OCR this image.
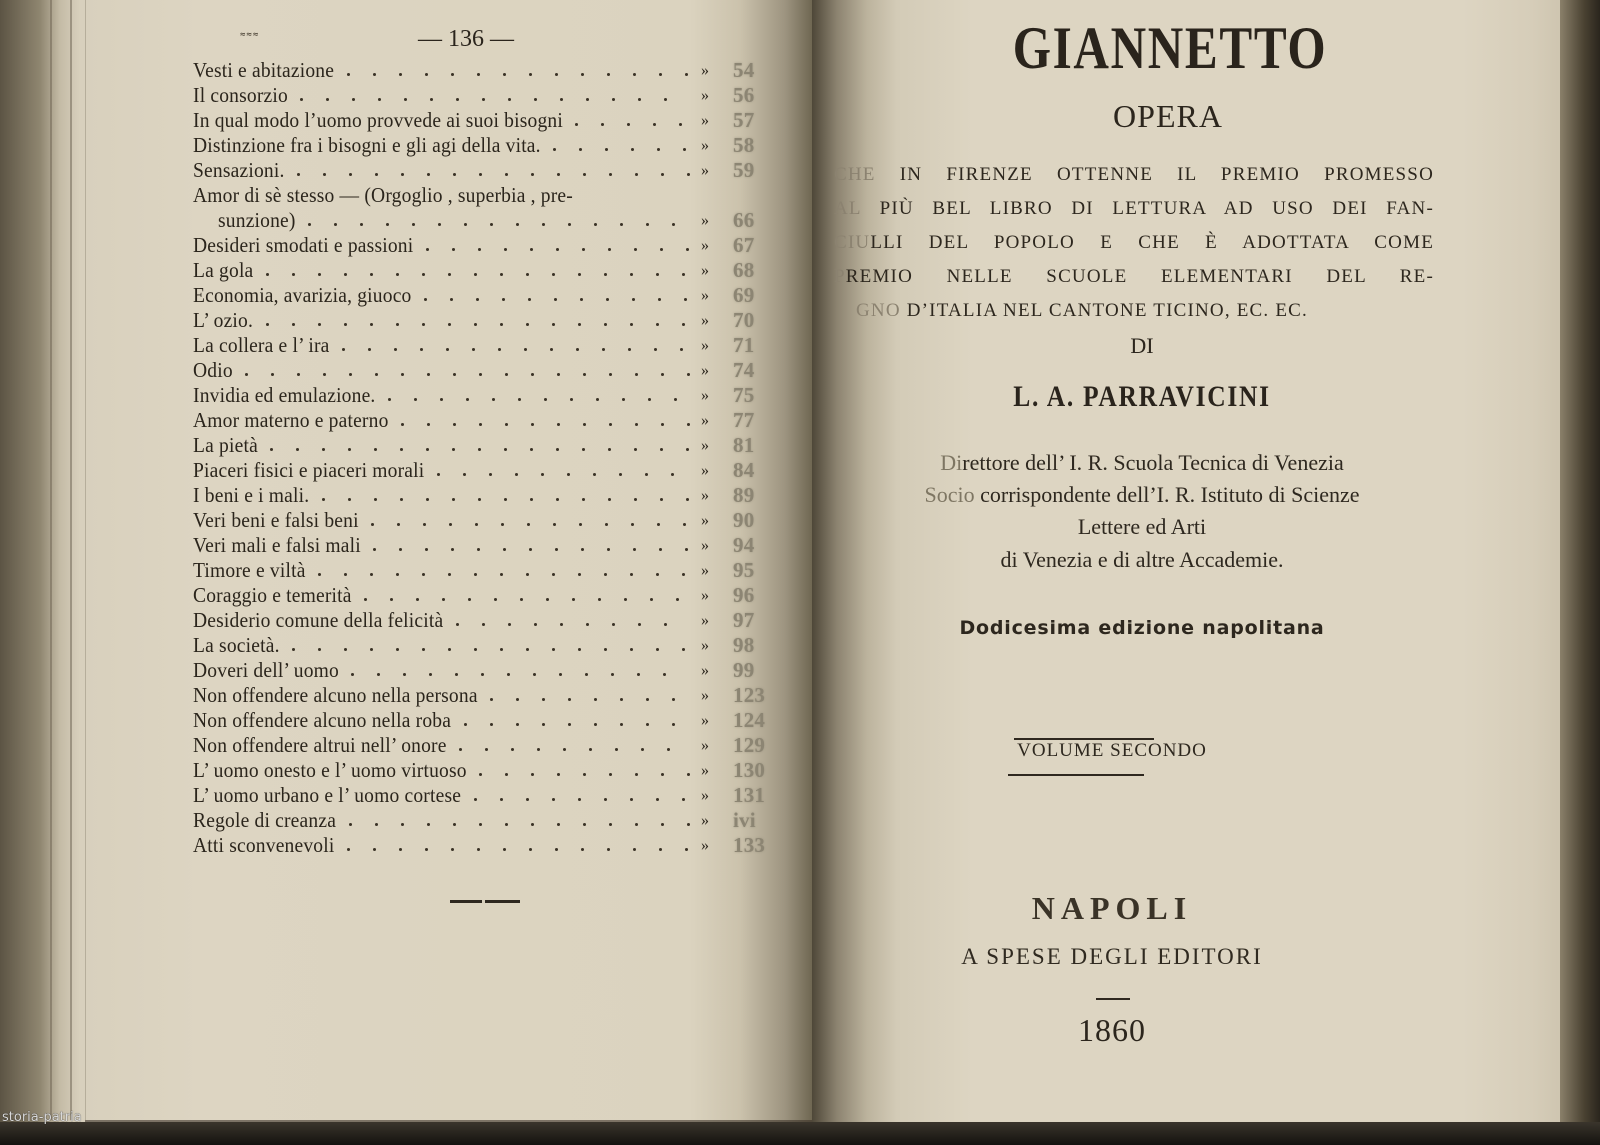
≈≈≈	— 136 —
Vesti e abitazione	» 54
Il consorzio	» 56
In qual modo l’uomo provvede ai suoi bisogni	» 57
Distinzione fra i bisogni e gli agi della vita.	» 58
Sensazioni.	» 59
Amor di sè stesso — (Orgoglio , superbia , pre-
sunzione)	» 66
Desideri smodati e passioni	» 67
La gola	» 68
Economia, avarizia, giuoco	» 69
L’ ozio.	» 70
La collera e l’ ira	» 71
Odio	» 74
Invidia ed emulazione.	» 75
Amor materno e paterno	» 77
La pietà	» 81
Piaceri fisici e piaceri morali	» 84
I beni e i mali.	» 89
Veri beni e falsi beni	» 90
Veri mali e falsi mali	» 94
Timore e viltà	» 95
Coraggio e temerità	» 96
Desiderio comune della felicità	» 97
La società.	» 98
Doveri dell’ uomo	» 99
Non offendere alcuno nella persona	» 123
Non offendere alcuno nella roba	» 124
Non offendere altrui nell’ onore	» 129
L’ uomo onesto e l’ uomo virtuoso	» 130
L’ uomo urbano e l’ uomo cortese	» 131
Regole di creanza	» ivi
Atti sconvenevoli	» 133
GIANNETTO
OPERA
CHE IN FIRENZE OTTENNE IL PREMIO PROMESSO
AL PIÙ BEL LIBRO DI LETTURA AD USO DEI FAN-
CIULLI DEL POPOLO E CHE È ADOTTATA COME
PREMIO NELLE SCUOLE ELEMENTARI DEL RE-
GNO D’ITALIA NEL CANTONE TICINO, EC. EC.
DI
L. A. PARRAVICINI
Direttore dell’ I. R. Scuola Tecnica di Venezia
Socio corrispondente dell’I. R. Istituto di Scienze
Lettere ed Arti
di Venezia e di altre Accademie.
Dodicesima edizione napolitana
VOLUME SECONDO
NAPOLI
A SPESE DEGLI EDITORI
1860
storia-patria
